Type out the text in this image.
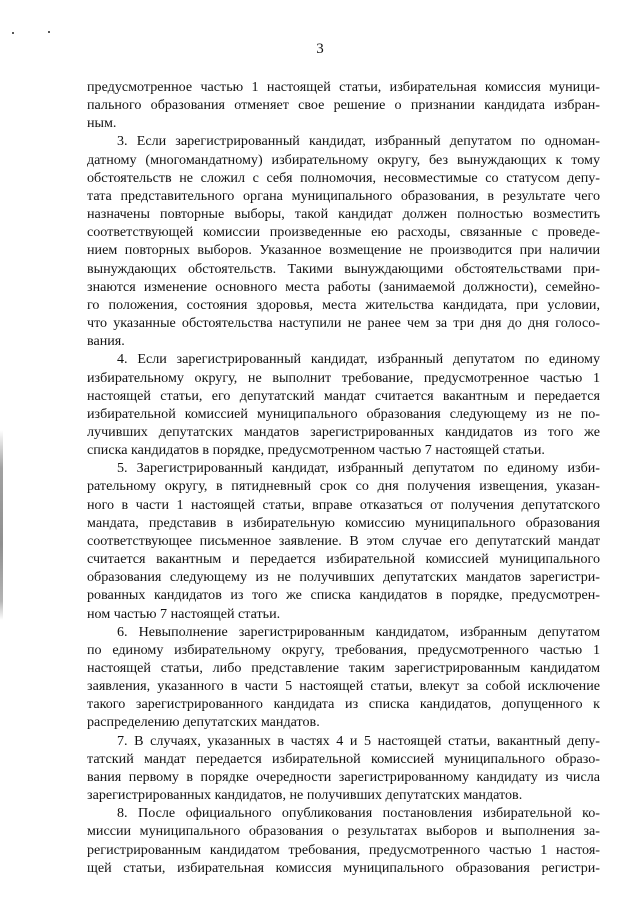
3

предусмотренное частью 1 настоящей статьи, избирательная комиссия муници-
пального образования отменяет свое решение о признании кандидата избран-
ным.

3. Если зарегистрированный кандидат, избранный депутатом по одноман-
датному (многомандатному) избирательному округу, без вынуждающих к тому
обстоятельств не сложил с себя полномочия, несовместимые со статусом депу-
тата представительного органа муниципального образования, в результате чего
назначены повторные выборы, такой кандидат должен полностью возместить
соответствующей комиссии произведенные ею расходы, связанные с проведе-
нием повторных выборов. Указанное возмещение не производится при наличии
вынуждающих обстоятельств. Такими вынуждающими обстоятельствами при-
знаются изменение основного места работы (занимаемой должности), семейно-
го положения, состояния здоровья, места жительства кандидата, при условии,
что указанные обстоятельства наступили не ранее чем за три дня до дня голосо-
вания.

4. Если зарегистрированный кандидат, избранный депутатом по единому
избирательному округу, не выполнит требование, предусмотренное частью 1
настоящей статьи, его депутатский мандат считается вакантным и передается
избирательной комиссией муниципального образования следующему из не по-
лучивших депутатских мандатов зарегистрированных кандидатов из того же
списка кандидатов в порядке, предусмотренном частью 7 настоящей статьи.

5. Зарегистрированный кандидат, избранный депутатом по единому изби-
рательному округу, в пятидневный срок со дня получения извещения, указан-
ного в части 1 настоящей статьи, вправе отказаться от получения депутатского
мандата, представив в избирательную комиссию муниципального образования
соответствующее письменное заявление. В этом случае его депутатский мандат
считается вакантным и передается избирательной комиссией муниципального
образования следующему из не получивших депутатских мандатов зарегистри-
рованных кандидатов из того же списка кандидатов в порядке, предусмотрен-
ном частью 7 настоящей статьи.

6. Невыполнение зарегистрированным кандидатом, избранным депутатом
по единому избирательному округу, требования, предусмотренного частью 1
настоящей статьи, либо представление таким зарегистрированным кандидатом
заявления, указанного в части 5 настоящей статьи, влекут за собой исключение
такого зарегистрированного кандидата из списка кандидатов, допущенного к
распределению депутатских мандатов.

7. В случаях, указанных в частях 4 и 5 настоящей статьи, вакантный депу-
татский мандат передается избирательной комиссией муниципального образо-
вания первому в порядке очередности зарегистрированному кандидату из числа
зарегистрированных кандидатов, не получивших депутатских мандатов.

8. После официального опубликования постановления избирательной ко-
миссии муниципального образования о результатах выборов и выполнения за-
регистрированным кандидатом требования, предусмотренного частью 1 настоя-
щей статьи, избирательная комиссия муниципального образования регистри-
